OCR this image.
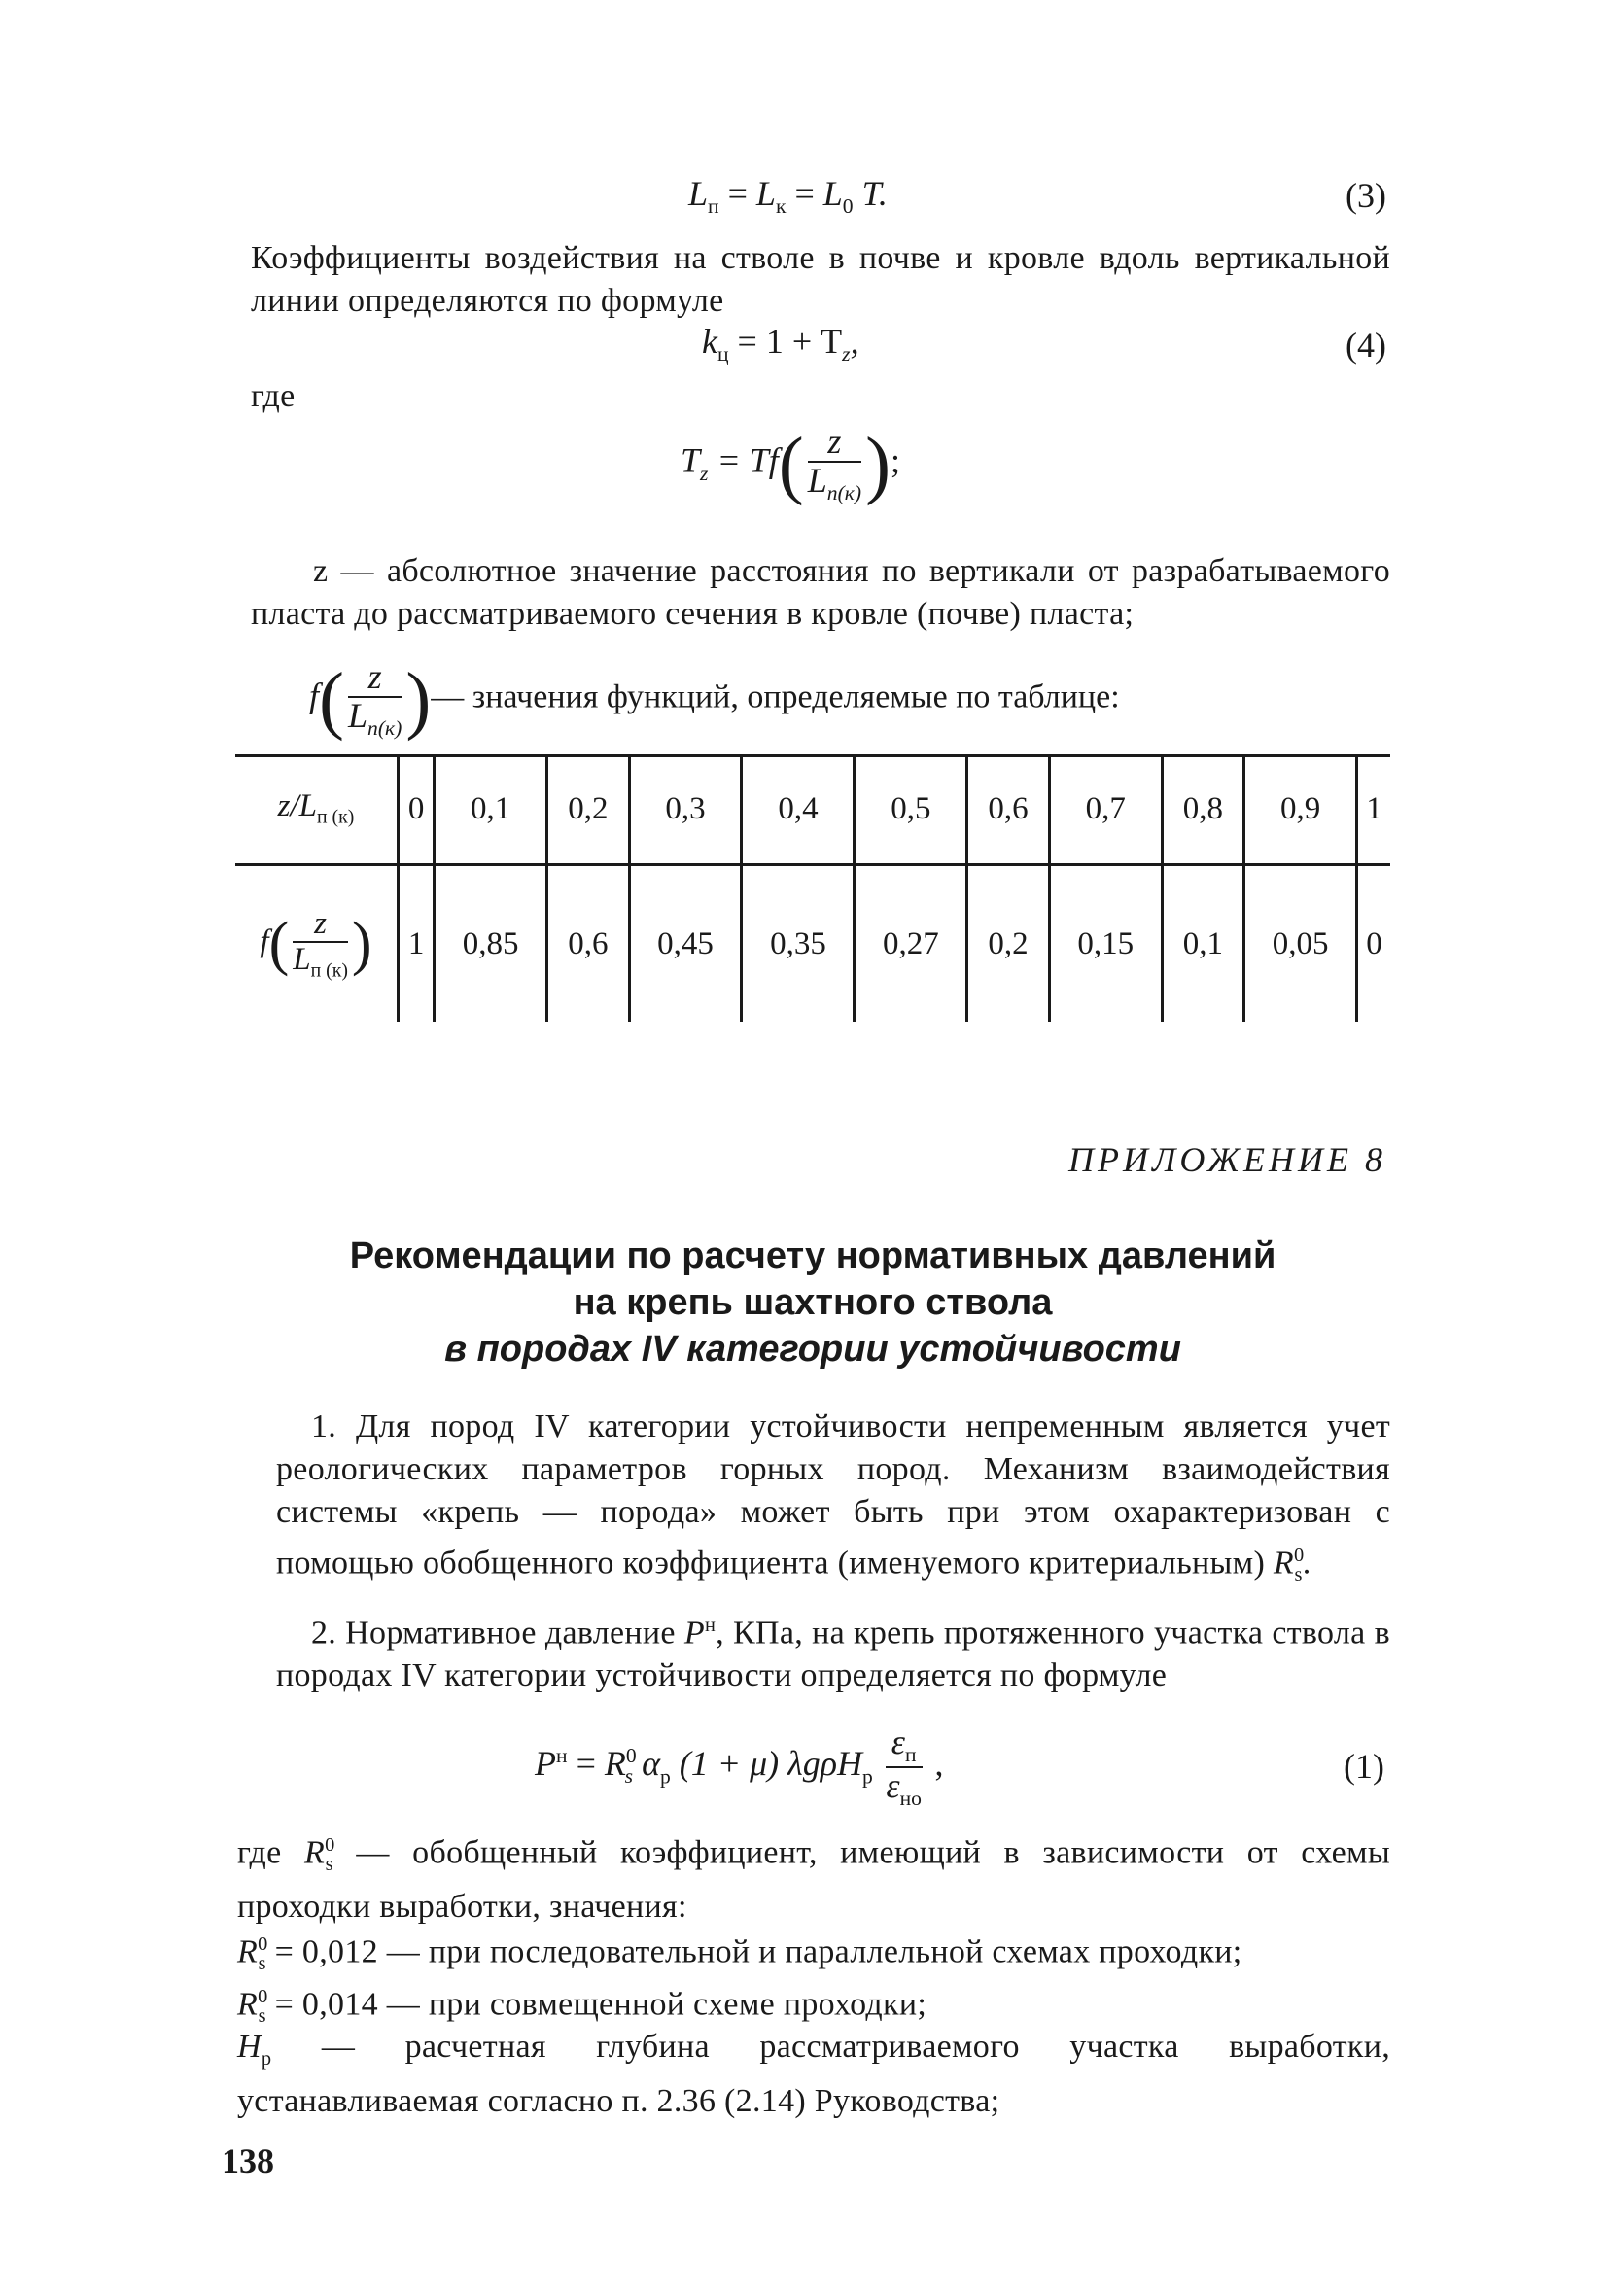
$L_п = L_к = L_0$ T.	(3)
Коэффициенты воздействия на стволе в почве и кровле вдоль вертикальной линии определяются по формуле
$k_ц = 1 + T_z$,	(4)
где
$T_z = Tf( \frac{z}{L_{п(к)}}$ );
z — абсолютное значение расстояния по вертикали от разрабатываемого пласта до рассматриваемого сечения в кровле (почве) пласта;
$f( \frac{z}{L_{п(к)}}$ )— значения функций, определяемые по таблице:
$z/L_{п (к)}$	0	0,1	0,2	0,3	0,4	0,5	0,6	0,7	0,8	0,9	1
$f( \frac{z}{L_{п (к)}}$ )	1	0,85	0,6	0,45	0,35	0,27	0,2	0,15	0,1	0,05	0
ПРИЛОЖЕНИЕ 8
Рекомендации по расчету нормативных давлений
на крепь шахтного ствола
в породах IV категории устойчивости
1. Для пород IV категории устойчивости непременным является учет реологических параметров горных пород. Механизм взаимодействия системы «крепь — порода» может быть при этом охарактеризован с помощью обобщенного коэффициента (именуемого критериальным) $R^0_s$.
2. Нормативное давление $P^н$, КПа, на крепь протяженного участка ствола в породах IV категории устойчивости определяется по формуле
$P^н = R^0_s$ $\alpha_р$ (1 + μ) $\lambda g\rho H_р \frac{\varepsilon_п}{\varepsilon_{но}}$ ,	(1)
где $R^0_s$ — обобщенный коэффициент, имеющий в зависимости от схемы проходки выработки, значения:
$R^0_s = 0,012$ — при последовательной и параллельной схемах проходки;
$R^0_s = 0,014$ — при совмещенной схеме проходки;
$H_р$ — расчетная глубина рассматриваемого участка выработки, устанавливаемая согласно п. 2.36 (2.14) Руководства;
138
